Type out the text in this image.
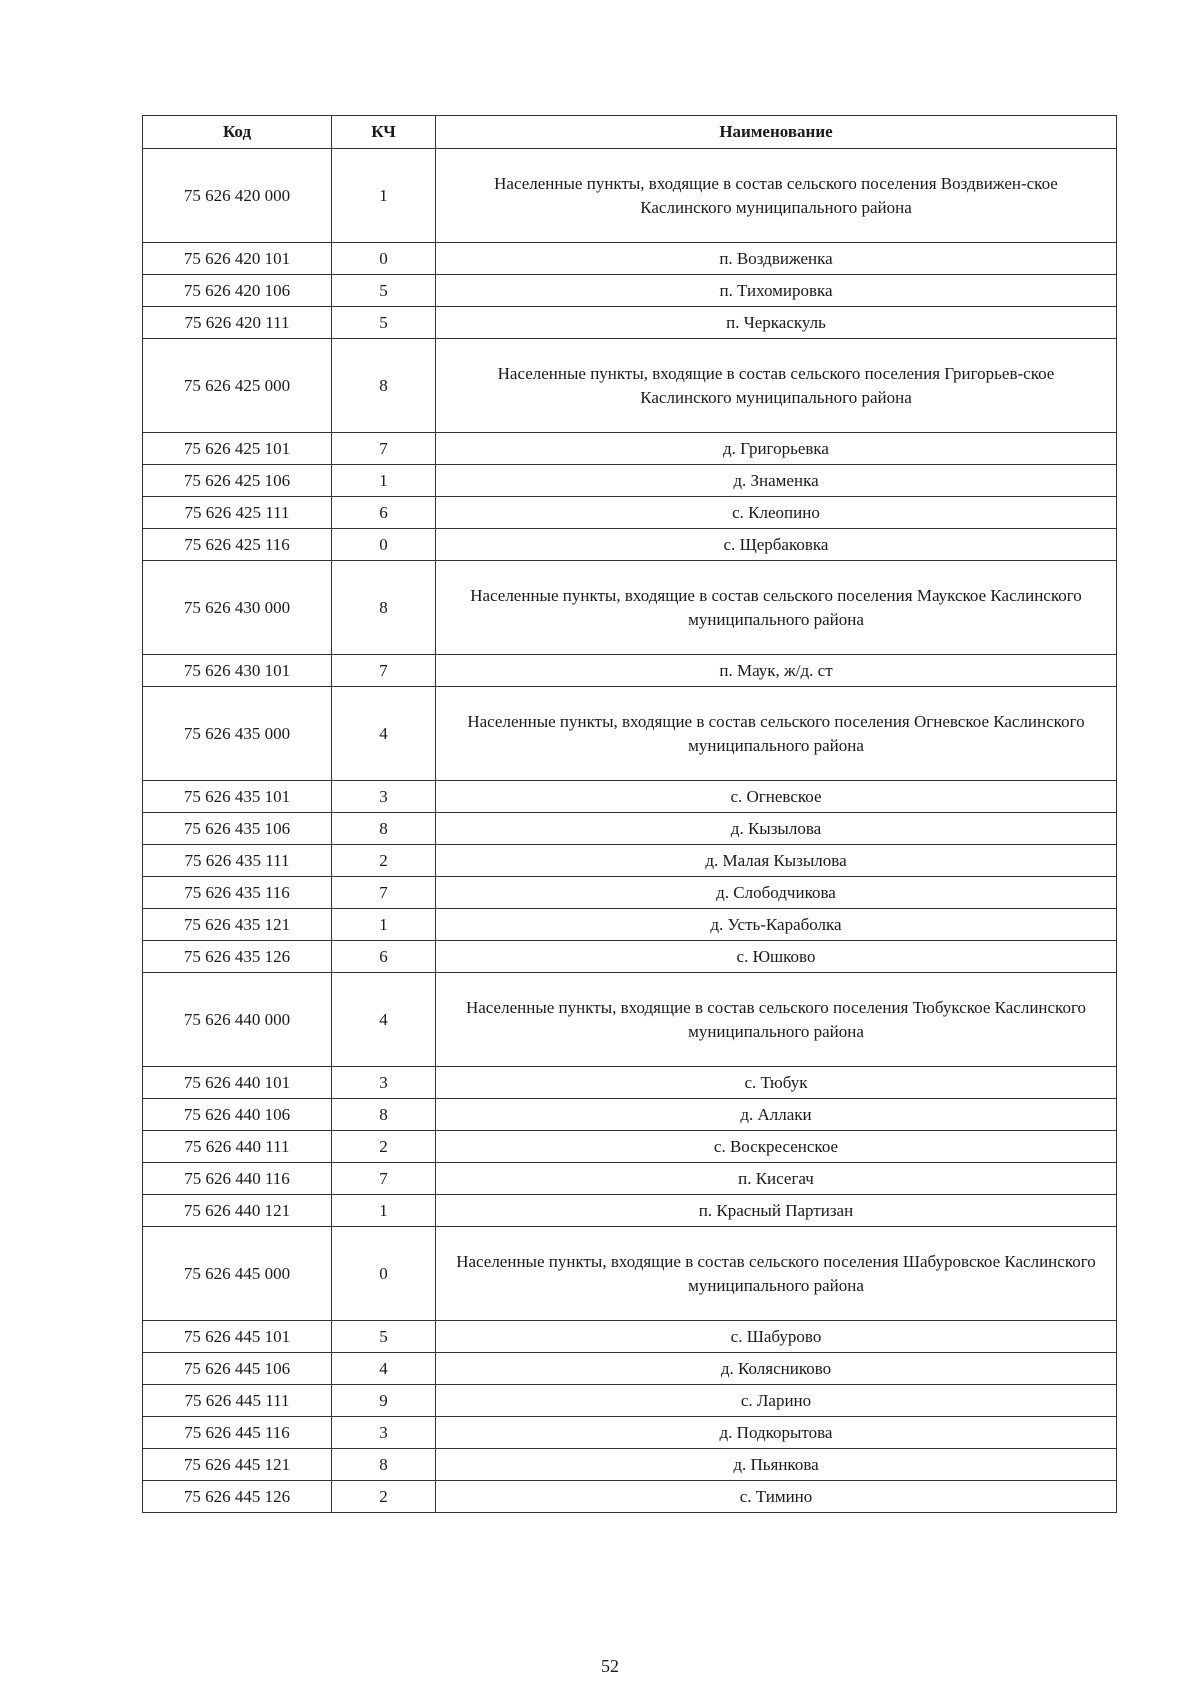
Код	КЧ	Наименование
75 626 420 000	1	Населенные пункты, входящие в состав сельского поселения Воздвижен-ское Каслинского муниципального района
75 626 420 101	0	п. Воздвиженка
75 626 420 106	5	п. Тихомировка
75 626 420 111	5	п. Черкаскуль
75 626 425 000	8	Населенные пункты, входящие в состав сельского поселения Григорьев-ское Каслинского муниципального района
75 626 425 101	7	д. Григорьевка
75 626 425 106	1	д. Знаменка
75 626 425 111	6	с. Клеопино
75 626 425 116	0	с. Щербаковка
75 626 430 000	8	Населенные пункты, входящие в состав сельского поселения Маукское Каслинского муниципального района
75 626 430 101	7	п. Маук, ж/д. ст
75 626 435 000	4	Населенные пункты, входящие в состав сельского поселения Огневское Каслинского муниципального района
75 626 435 101	3	с. Огневское
75 626 435 106	8	д. Кызылова
75 626 435 111	2	д. Малая Кызылова
75 626 435 116	7	д. Слободчикова
75 626 435 121	1	д. Усть-Караболка
75 626 435 126	6	с. Юшково
75 626 440 000	4	Населенные пункты, входящие в состав сельского поселения Тюбукское Каслинского муниципального района
75 626 440 101	3	с. Тюбук
75 626 440 106	8	д. Аллаки
75 626 440 111	2	с. Воскресенское
75 626 440 116	7	п. Кисегач
75 626 440 121	1	п. Красный Партизан
75 626 445 000	0	Населенные пункты, входящие в состав сельского поселения Шабуровское Каслинского муниципального района
75 626 445 101	5	с. Шабурово
75 626 445 106	4	д. Колясниково
75 626 445 111	9	с. Ларино
75 626 445 116	3	д. Подкорытова
75 626 445 121	8	д. Пьянкова
75 626 445 126	2	с. Тимино
52
